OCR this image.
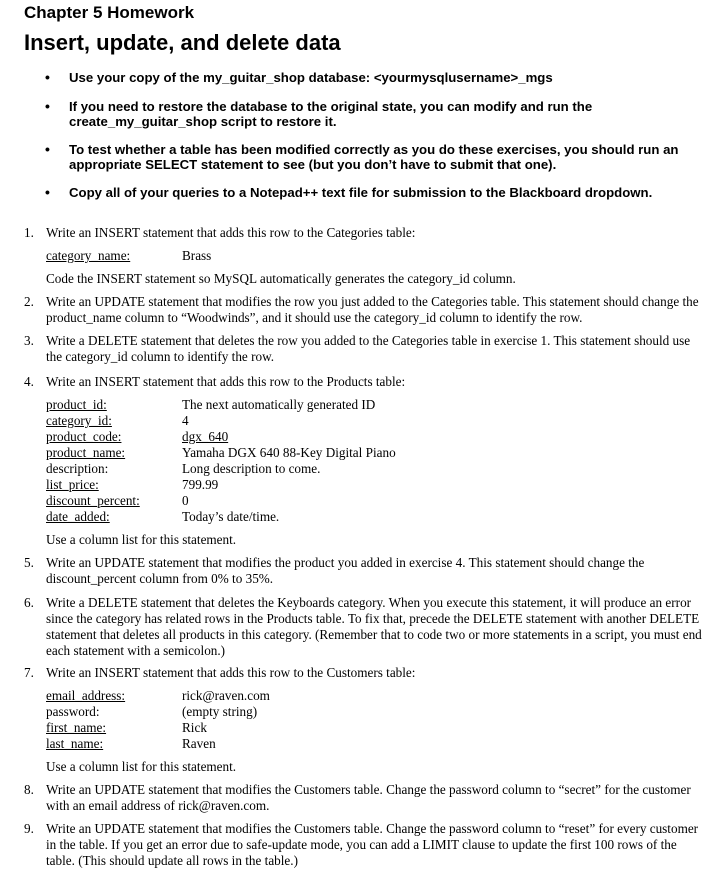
Chapter 5 Homework
Insert, update, and delete data
• Use your copy of the my_guitar_shop database: <yourmysqlusername>_mgs
• If you need to restore the database to the original state, you can modify and run the create_my_guitar_shop script to restore it.
• To test whether a table has been modified correctly as you do these exercises, you should run an appropriate SELECT statement to see (but you don’t have to submit that one).
• Copy all of your queries to a Notepad++ text file for submission to the Blackboard dropdown.
1. Write an INSERT statement that adds this row to the Categories table:
category_name:	Brass
Code the INSERT statement so MySQL automatically generates the category_id column.
2. Write an UPDATE statement that modifies the row you just added to the Categories table. This statement should change the product_name column to “Woodwinds”, and it should use the category_id column to identify the row.
3. Write a DELETE statement that deletes the row you added to the Categories table in exercise 1. This statement should use the category_id column to identify the row.
4. Write an INSERT statement that adds this row to the Products table:
product_id:	The next automatically generated ID
category_id:	4
product_code:	dgx_640
product_name:	Yamaha DGX 640 88-Key Digital Piano
description:	Long description to come.
list_price:	799.99
discount_percent:	0
date_added:	Today’s date/time.
Use a column list for this statement.
5. Write an UPDATE statement that modifies the product you added in exercise 4. This statement should change the discount_percent column from 0% to 35%.
6. Write a DELETE statement that deletes the Keyboards category. When you execute this statement, it will produce an error since the category has related rows in the Products table. To fix that, precede the DELETE statement with another DELETE statement that deletes all products in this category. (Remember that to code two or more statements in a script, you must end each statement with a semicolon.)
7. Write an INSERT statement that adds this row to the Customers table:
email_address:	rick@raven.com
password:	(empty string)
first_name:	Rick
last_name:	Raven
Use a column list for this statement.
8. Write an UPDATE statement that modifies the Customers table. Change the password column to “secret” for the customer with an email address of rick@raven.com.
9. Write an UPDATE statement that modifies the Customers table. Change the password column to “reset” for every customer in the table. If you get an error due to safe-update mode, you can add a LIMIT clause to update the first 100 rows of the table. (This should update all rows in the table.)
